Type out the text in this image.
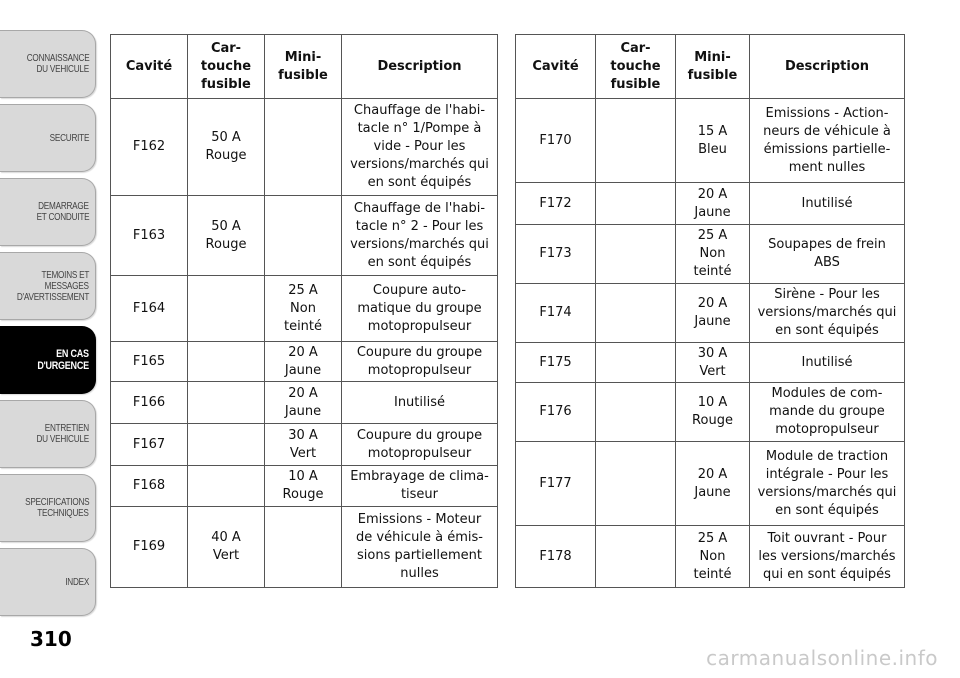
CONNAISSANCE
DU VEHICULE
SECURITE
DEMARRAGE
ET CONDUITE
TEMOINS ET
MESSAGES
D'AVERTISSEMENT
EN CAS
D'URGENCE
ENTRETIEN
DU VEHICULE
SPECIFICATIONS
TECHNIQUES
INDEX
Cavité	Car-
touche
fusible	Mini-
fusible	Description
F162	50 A
Rouge		Chauffage de l'habi-
tacle n° 1/Pompe à
vide - Pour les
versions/marchés qui
en sont équipés
F163	50 A
Rouge		Chauffage de l'habi-
tacle n° 2 - Pour les
versions/marchés qui
en sont équipés
F164		25 A
Non
teinté	Coupure auto-
matique du groupe
motopropulseur
F165		20 A
Jaune	Coupure du groupe
motopropulseur
F166		20 A
Jaune	Inutilisé
F167		30 A
Vert	Coupure du groupe
motopropulseur
F168		10 A
Rouge	Embrayage de clima-
tiseur
F169	40 A
Vert		Emissions - Moteur
de véhicule à émis-
sions partiellement
nulles
Cavité	Car-
touche
fusible	Mini-
fusible	Description
F170		15 A
Bleu	Emissions - Action-
neurs de véhicule à
émissions partielle-
ment nulles
F172		20 A
Jaune	Inutilisé
F173		25 A
Non
teinté	Soupapes de frein
ABS
F174		20 A
Jaune	Sirène - Pour les
versions/marchés qui
en sont équipés
F175		30 A
Vert	Inutilisé
F176		10 A
Rouge	Modules de com-
mande du groupe
motopropulseur
F177		20 A
Jaune	Module de traction
intégrale - Pour les
versions/marchés qui
en sont équipés
F178		25 A
Non
teinté	Toit ouvrant - Pour
les versions/marchés
qui en sont équipés
310
carmanualsonline.info
